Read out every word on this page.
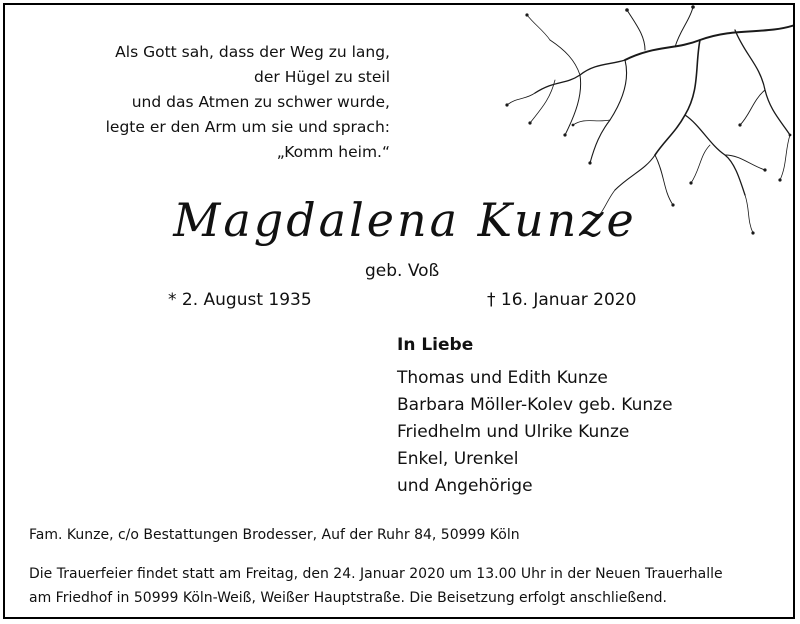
Als Gott sah, dass der Weg zu lang,
der Hügel zu steil
und das Atmen zu schwer wurde,
legte er den Arm um sie und sprach:
„Komm heim.“
Magdalena Kunze
geb. Voß
* 2. August 1935	† 16. Januar 2020
In Liebe
Thomas und Edith Kunze
Barbara Möller-Kolev geb. Kunze
Friedhelm und Ulrike Kunze
Enkel, Urenkel
und Angehörige
Fam. Kunze, c/o Bestattungen Brodesser, Auf der Ruhr 84, 50999 Köln
Die Trauerfeier findet statt am Freitag, den 24. Januar 2020 um 13.00 Uhr in der Neuen Trauerhalle
am Friedhof in 50999 Köln-Weiß, Weißer Hauptstraße. Die Beisetzung erfolgt anschließend.
